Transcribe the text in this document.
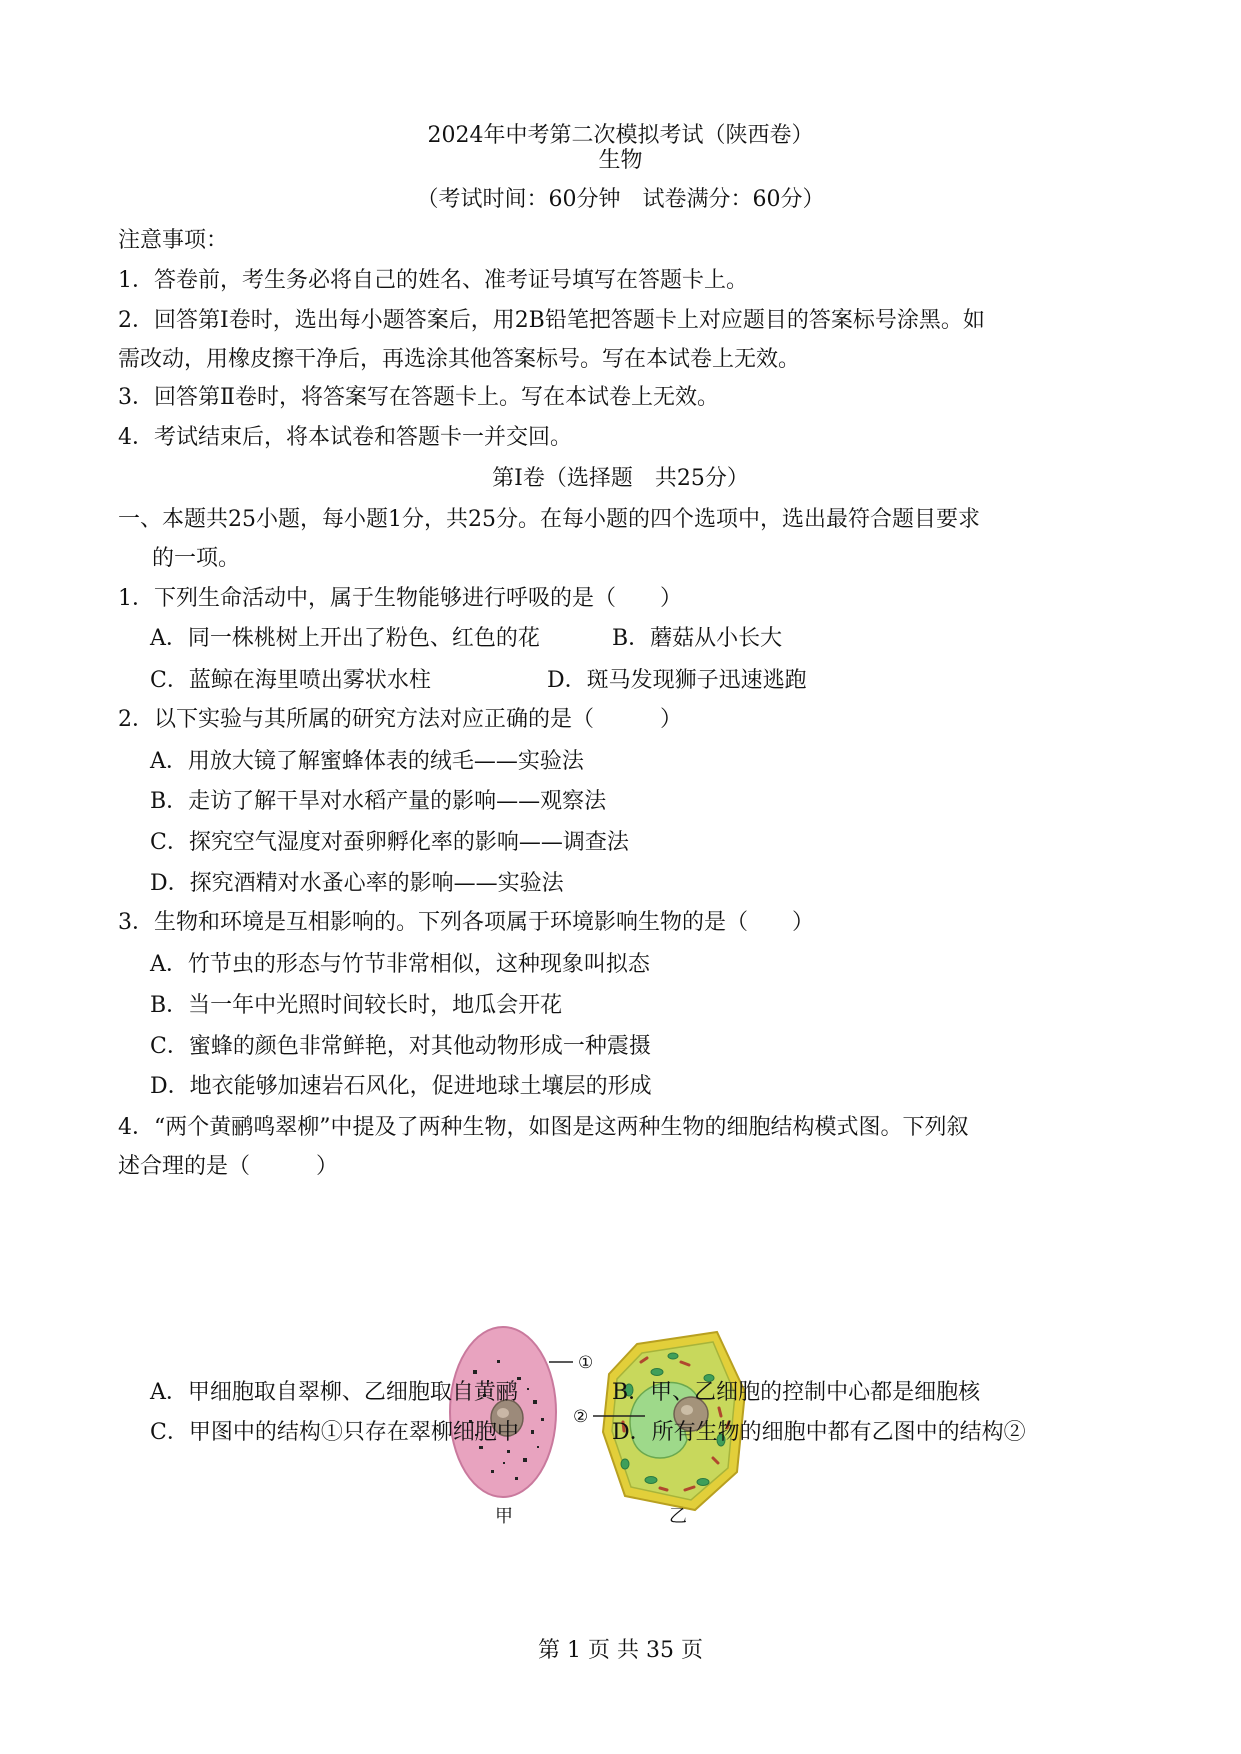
2024年中考第二次模拟考试（陕西卷）
生物
（考试时间：60分钟　试卷满分：60分）
注意事项：
1．答卷前，考生务必将自己的姓名、准考证号填写在答题卡上。
2．回答第Ⅰ卷时，选出每小题答案后，用2B铅笔把答题卡上对应题目的答案标号涂黑。如
需改动，用橡皮擦干净后，再选涂其他答案标号。写在本试卷上无效。
3．回答第Ⅱ卷时，将答案写在答题卡上。写在本试卷上无效。
4．考试结束后，将本试卷和答题卡一并交回。
第Ⅰ卷（选择题　共25分）
一、本题共25小题，每小题1分，共25分。在每小题的四个选项中，选出最符合题目要求
的一项。
1．下列生命活动中，属于生物能够进行呼吸的是（　　）
A．同一株桃树上开出了粉色、红色的花	B．蘑菇从小长大
C．蓝鲸在海里喷出雾状水柱	D．斑马发现狮子迅速逃跑
2．以下实验与其所属的研究方法对应正确的是（　　　）
A．用放大镜了解蜜蜂体表的绒毛——实验法
B．走访了解干旱对水稻产量的影响——观察法
C．探究空气湿度对蚕卵孵化率的影响——调查法
D．探究酒精对水蚤心率的影响——实验法
3．生物和环境是互相影响的。下列各项属于环境影响生物的是（　　）
A．竹节虫的形态与竹节非常相似，这种现象叫拟态
B．当一年中光照时间较长时，地瓜会开花
C．蜜蜂的颜色非常鲜艳，对其他动物形成一种震摄
D．地衣能够加速岩石风化，促进地球土壤层的形成
4．“两个黄鹂鸣翠柳”中提及了两种生物，如图是这两种生物的细胞结构模式图。下列叙
述合理的是（　　　）
①
②
甲	乙
A．甲细胞取自翠柳、乙细胞取自黄鹂	B．甲、乙细胞的控制中心都是细胞核
C．甲图中的结构①只存在翠柳细胞中	D．所有生物的细胞中都有乙图中的结构②
第 1 页 共 35 页
